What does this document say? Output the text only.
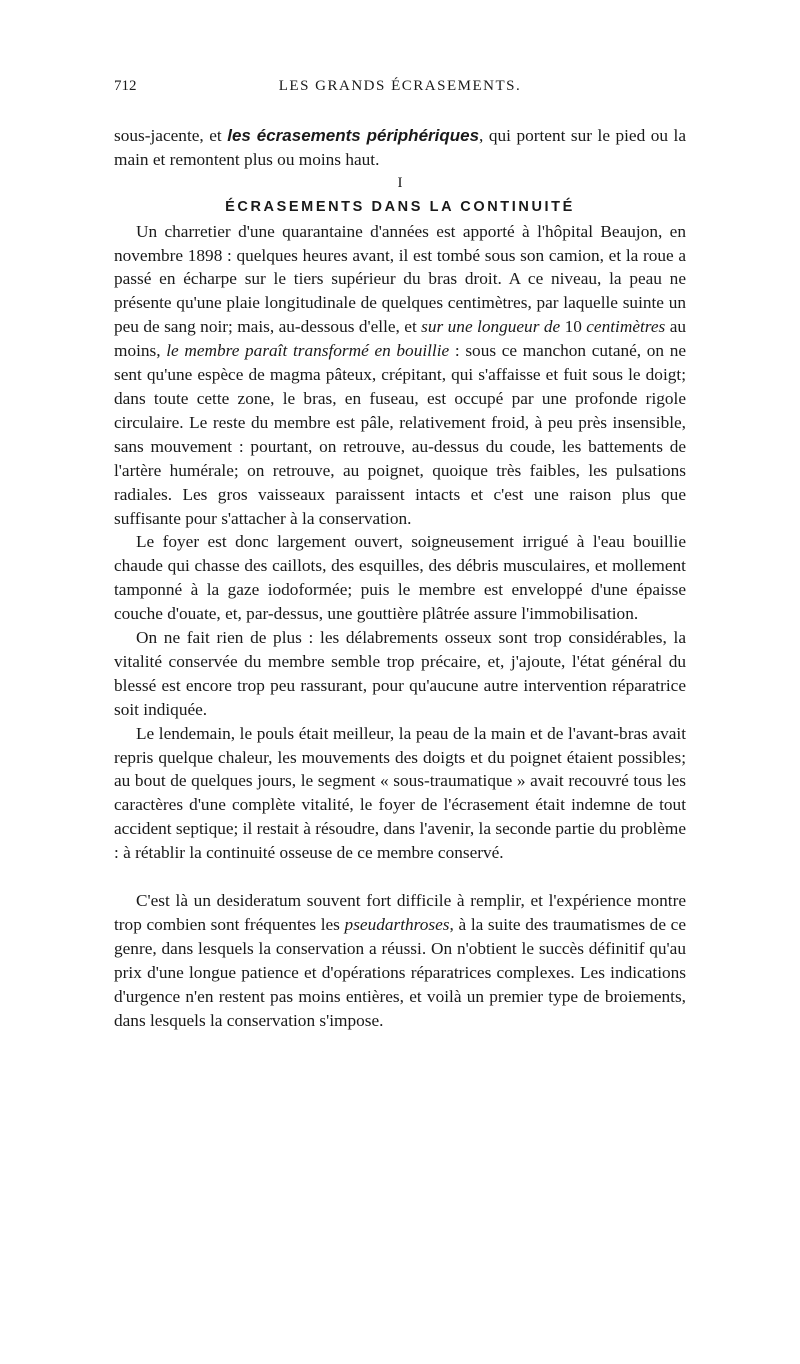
712	LES GRANDS ÉCRASEMENTS.

sous-jacente, et les écrasements périphériques, qui portent sur le pied ou la main et remontent plus ou moins haut.

I

ÉCRASEMENTS DANS LA CONTINUITÉ

Un charretier d'une quarantaine d'années est apporté à l'hôpital Beaujon, en novembre 1898 : quelques heures avant, il est tombé sous son camion, et la roue a passé en écharpe sur le tiers supérieur du bras droit. A ce niveau, la peau ne présente qu'une plaie longitudinale de quelques centimètres, par laquelle suinte un peu de sang noir; mais, au-dessous d'elle, et sur une longueur de 10 centimètres au moins, le membre paraît transformé en bouillie : sous ce manchon cutané, on ne sent qu'une espèce de magma pâteux, crépitant, qui s'affaisse et fuit sous le doigt; dans toute cette zone, le bras, en fuseau, est occupé par une profonde rigole circulaire. Le reste du membre est pâle, relativement froid, à peu près insensible, sans mouvement : pourtant, on retrouve, au-dessus du coude, les battements de l'artère humérale; on retrouve, au poignet, quoique très faibles, les pulsations radiales. Les gros vaisseaux paraissent intacts et c'est une raison plus que suffisante pour s'attacher à la conservation.

Le foyer est donc largement ouvert, soigneusement irrigué à l'eau bouillie chaude qui chasse des caillots, des esquilles, des débris musculaires, et mollement tamponné à la gaze iodoformée; puis le membre est enveloppé d'une épaisse couche d'ouate, et, par-dessus, une gouttière plâtrée assure l'immobilisation.

On ne fait rien de plus : les délabrements osseux sont trop considérables, la vitalité conservée du membre semble trop précaire, et, j'ajoute, l'état général du blessé est encore trop peu rassurant, pour qu'aucune autre intervention réparatrice soit indiquée.

Le lendemain, le pouls était meilleur, la peau de la main et de l'avant-bras avait repris quelque chaleur, les mouvements des doigts et du poignet étaient possibles; au bout de quelques jours, le segment « sous-traumatique » avait recouvré tous les caractères d'une complète vitalité, le foyer de l'écrasement était indemne de tout accident septique; il restait à résoudre, dans l'avenir, la seconde partie du problème : à rétablir la continuité osseuse de ce membre conservé.

C'est là un desideratum souvent fort difficile à remplir, et l'expérience montre trop combien sont fréquentes les pseudarthroses, à la suite des traumatismes de ce genre, dans lesquels la conservation a réussi. On n'obtient le succès définitif qu'au prix d'une longue patience et d'opérations réparatrices complexes. Les indications d'urgence n'en restent pas moins entières, et voilà un premier type de broiements, dans lesquels la conservation s'impose.
